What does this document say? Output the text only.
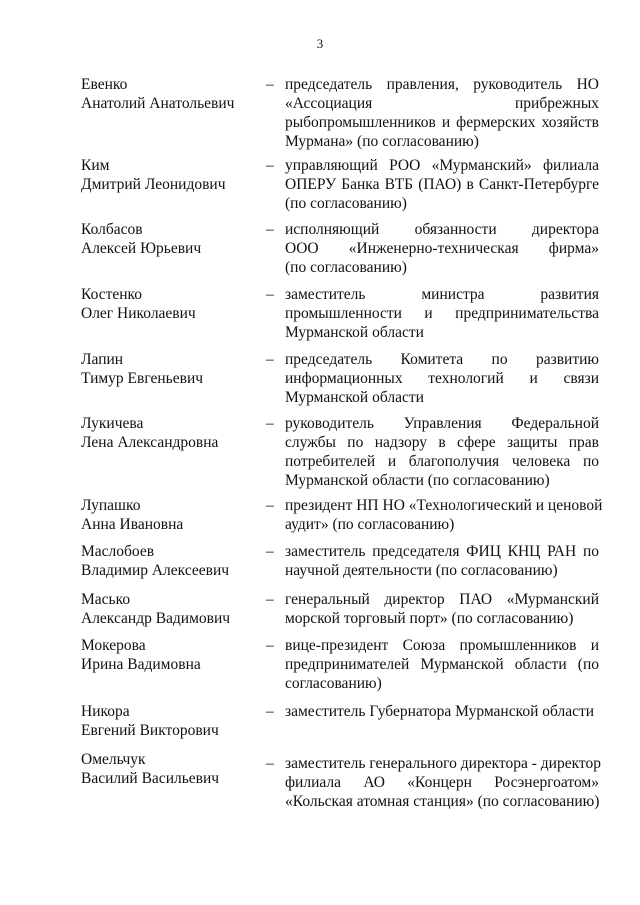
3
Евенко
Анатолий Анатольевич
– председатель правления, руководитель НО
«Ассоциация прибрежных
рыбопромышленников и фермерских хозяйств
Мурмана» (по согласованию)
Ким
Дмитрий Леонидович
– управляющий РОО «Мурманский» филиала
ОПЕРУ Банка ВТБ (ПАО) в Санкт-Петербурге
(по согласованию)
Колбасов
Алексей Юрьевич
– исполняющий обязанности директора
ООО «Инженерно-техническая фирма»
(по согласованию)
Костенко
Олег Николаевич
– заместитель министра развития
промышленности и предпринимательства
Мурманской области
Лапин
Тимур Евгеньевич
– председатель Комитета по развитию
информационных технологий и связи
Мурманской области
Лукичева
Лена Александровна
– руководитель Управления Федеральной
службы по надзору в сфере защиты прав
потребителей и благополучия человека по
Мурманской области (по согласованию)
Лупашко
Анна Ивановна
– президент НП НО «Технологический и ценовой
аудит» (по согласованию)
Маслобоев
Владимир Алексеевич
– заместитель председателя ФИЦ КНЦ РАН по
научной деятельности (по согласованию)
Масько
Александр Вадимович
– генеральный директор ПАО «Мурманский
морской торговый порт» (по согласованию)
Мокерова
Ирина Вадимовна
– вице-президент Союза промышленников и
предпринимателей Мурманской области (по
согласованию)
Никора
Евгений Викторович
– заместитель Губернатора Мурманской области
Омельчук
Василий Васильевич
– заместитель генерального директора - директор
филиала АО «Концерн Росэнергоатом»
«Кольская атомная станция» (по согласованию)
